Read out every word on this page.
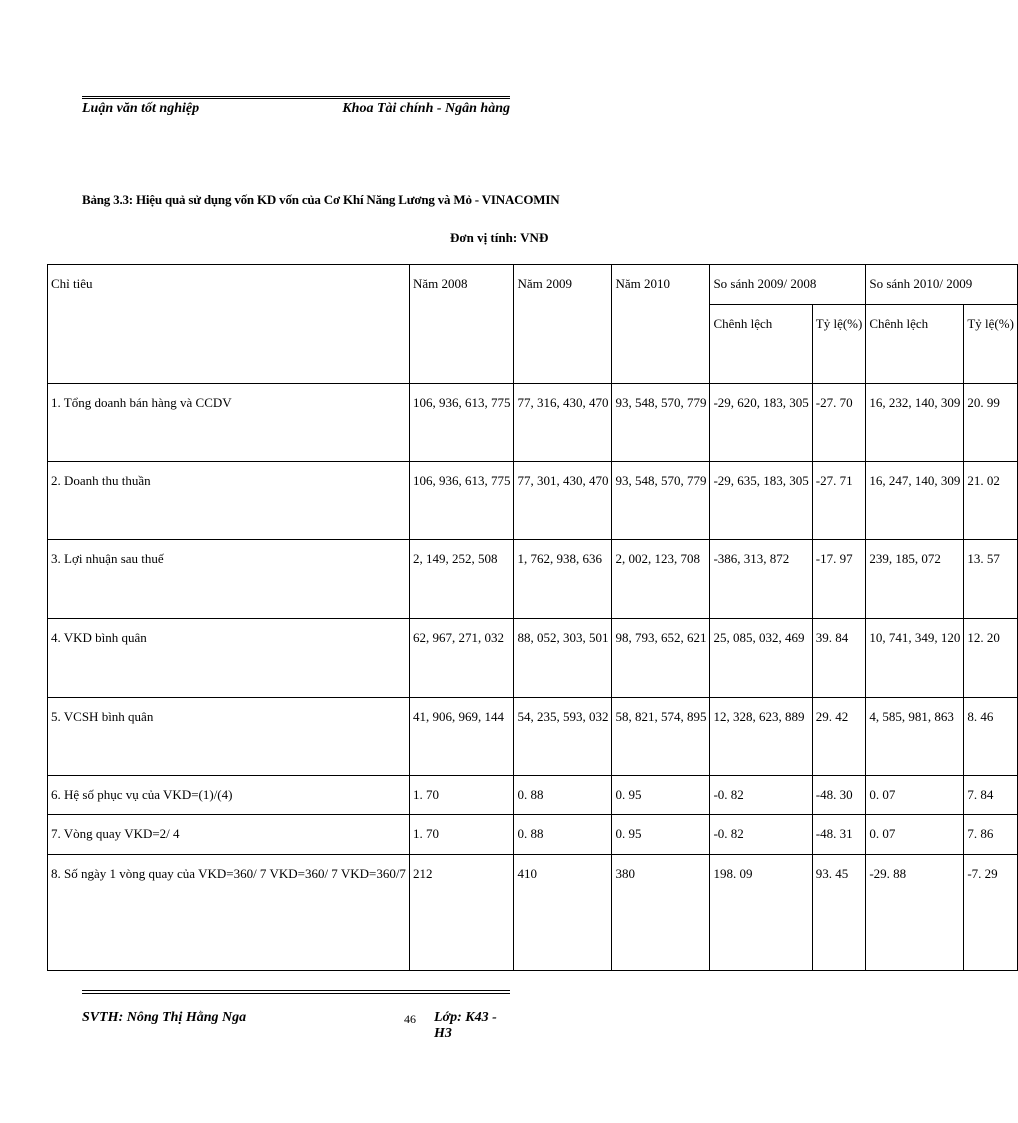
Luận văn tốt nghiệp	Khoa Tài chính - Ngân hàng
Bảng 3.3: Hiệu quả sử dụng vốn KD vốn của Cơ Khí Năng Lương và Mỏ - VINACOMIN
Đơn vị tính: VNĐ
Chỉ tiêu	Năm 2008	Năm 2009	Năm 2010	So sánh 2009/ 2008		So sánh 2010/ 2009	
				Chênh lệch	Tỷ lệ(%)	Chênh lệch	Tỷ lệ(%)
1. Tổng doanh bán hàng và CCDV	106, 936, 613, 775	77, 316, 430, 470	93, 548, 570, 779	-29, 620, 183, 305	-27. 70	16, 232, 140, 309	20. 99
2. Doanh thu thuần	106, 936, 613, 775	77, 301, 430, 470	93, 548, 570, 779	-29, 635, 183, 305	-27. 71	16, 247, 140, 309	21. 02
3. Lợi nhuận sau thuế	2, 149, 252, 508	1, 762, 938, 636	2, 002, 123, 708	-386, 313, 872	-17. 97	239, 185, 072	13. 57
4. VKD bình quân	62, 967, 271, 032	88, 052, 303, 501	98, 793, 652, 621	25, 085, 032, 469	39. 84	10, 741, 349, 120	12. 20
5. VCSH bình quân	41, 906, 969, 144	54, 235, 593, 032	58, 821, 574, 895	12, 328, 623, 889	29. 42	4, 585, 981, 863	8. 46
6. Hệ số phục vụ của VKD=(1)/(4)	1. 70	0. 88	0. 95	-0. 82	-48. 30	0. 07	7. 84
7. Vòng quay VKD=2/ 4	1. 70	0. 88	0. 95	-0. 82	-48. 31	0. 07	7. 86
8. Số ngày 1 vòng quay của VKD=360/ 7 VKD=360/ 7 VKD=360/7	212	410	380	198. 09	93. 45	-29. 88	-7. 29
SVTH: Nông Thị Hằng Nga	46 Lớp: K43 - H3
